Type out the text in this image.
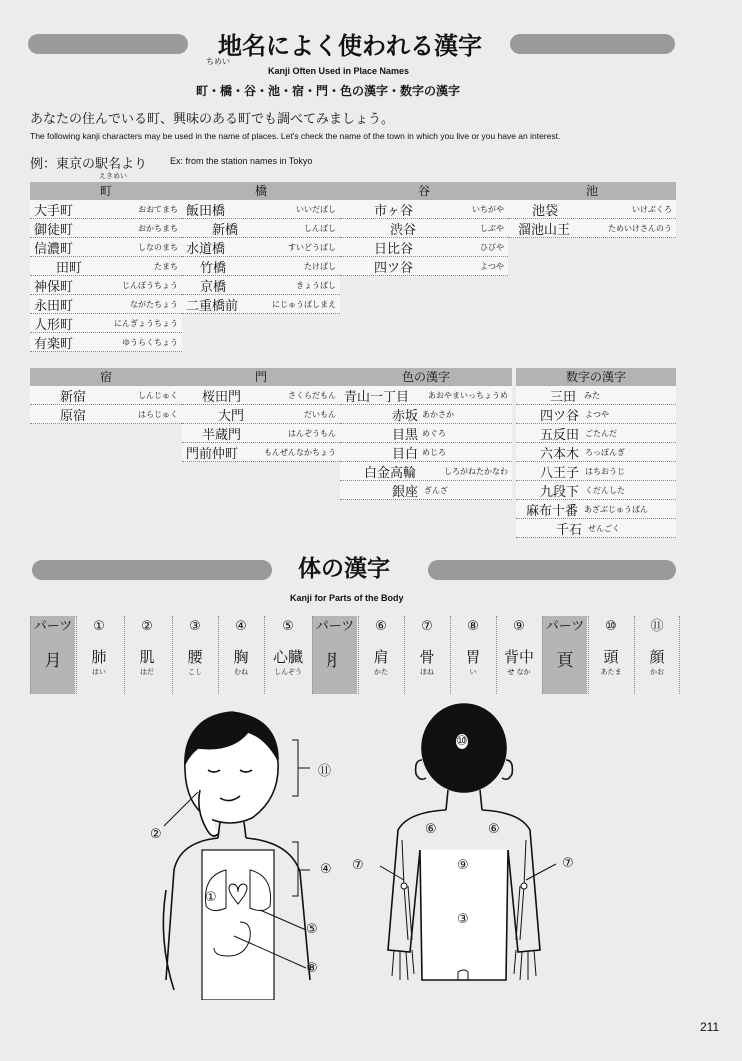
地名によく使われる漢字
ちめい
Kanji Often Used in Place Names
町・橋・谷・池・宿・門・色の漢字・数字の漢字
あなたの住んでいる町、興味のある町でも調べてみましょう。
The following kanji characters may be used in the name of places. Let's check the name of the town in which you live or you have an interest.
例：東京の駅名より
えきめい
Ex: from the station names in Tokyo
町
大手町	おおてまち
御徒町	おかちまち
信濃町	しなのまち
田町	たまち
神保町	じんぼうちょう
永田町	ながたちょう
人形町	にんぎょうちょう
有楽町	ゆうらくちょう
橋
飯田橋	いいだばし
新橋	しんばし
水道橋	すいどうばし
竹橋	たけばし
京橋	きょうばし
二重橋前	にじゅうばしまえ
谷
市ヶ谷	いちがや
渋谷	しぶや
日比谷	ひびや
四ツ谷	よつや
池
池袋	いけぶくろ
溜池山王	ためいけさんのう
宿
新宿	しんじゅく
原宿	はらじゅく
門
桜田門	さくらだもん
大門	だいもん
半蔵門	はんぞうもん
門前仲町	もんぜんなかちょう
色の漢字
青山一丁目 あおやまいっちょうめ
赤坂 あかさか
目黒 めぐろ
目白 めじろ
白金高輪	しろがねたかなわ
銀座 ぎんざ
数字の漢字
三田 みた
四ツ谷 よつや
五反田 ごたんだ
六本木 ろっぽんぎ
八王子 はちおうじ
九段下 くだんした
麻布十番 あざぶじゅうばん
千石 せんごく
体の漢字
Kanji for Parts of the Body
パーツ
月
①
肺
はい
②
肌
はだ
③
腰
こし
④
胸
むね
⑤
心臓
しんぞう
パーツ
⺼
⑥
肩
かた
⑦
骨
ほね
⑧
胃
い
⑨
背中
せ なか
パーツ
頁
⑩
頭
あたま
⑪
顔
かお
⑪
②
④
①
⑤
⑧
⑩
⑥	⑥
⑦	⑦
⑨
③
211
